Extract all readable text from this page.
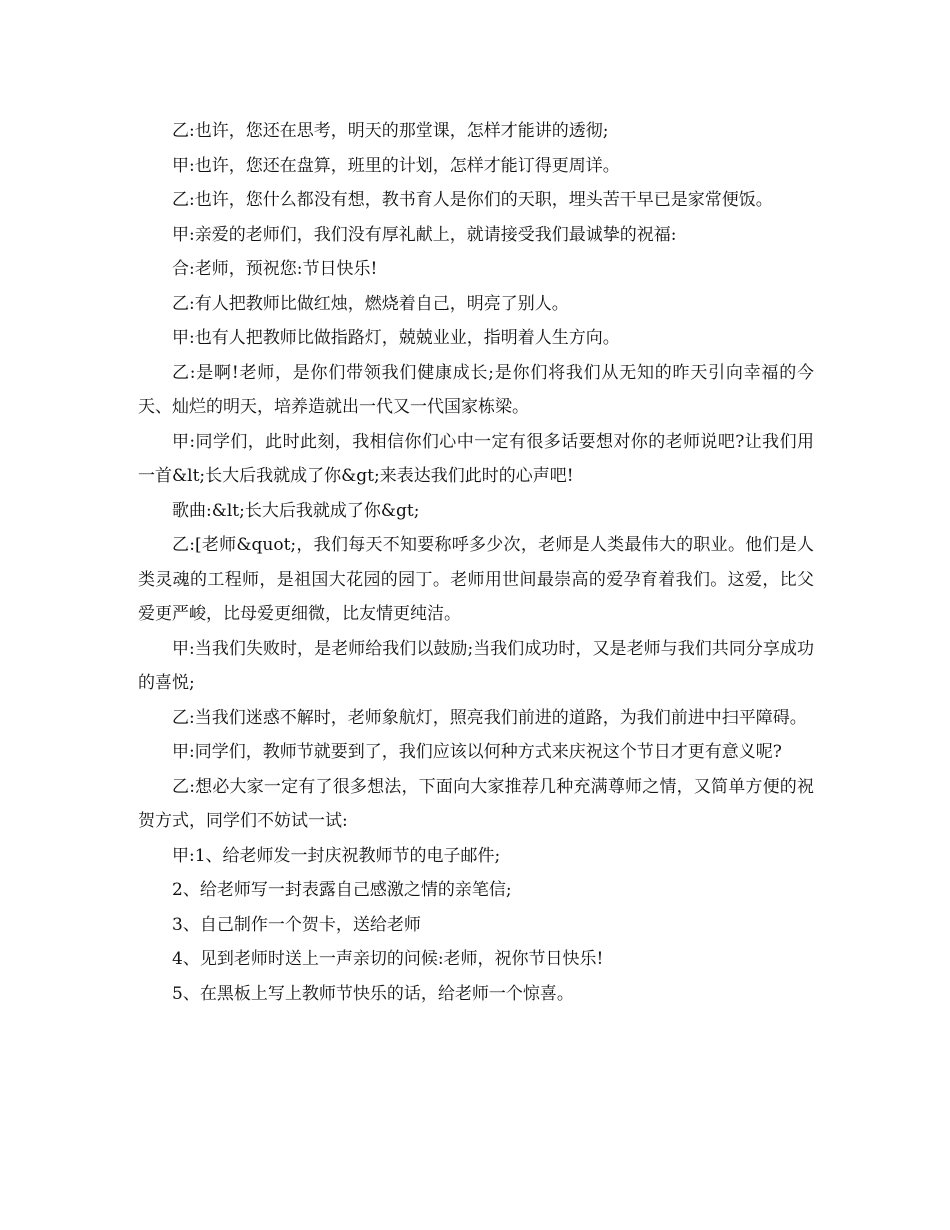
乙:也许，您还在思考，明天的那堂课，怎样才能讲的透彻;

甲:也许，您还在盘算，班里的计划，怎样才能订得更周详。

乙:也许，您什么都没有想，教书育人是你们的天职，埋头苦干早已是家常便饭。

甲:亲爱的老师们，我们没有厚礼献上，就请接受我们最诚挚的祝福:

合:老师，预祝您:节日快乐!

乙:有人把教师比做红烛，燃烧着自己，明亮了别人。

甲:也有人把教师比做指路灯，兢兢业业，指明着人生方向。

乙:是啊!老师，是你们带领我们健康成长;是你们将我们从无知的昨天引向幸福的今天、灿烂的明天，培养造就出一代又一代国家栋梁。

甲:同学们，此时此刻，我相信你们心中一定有很多话要想对你的老师说吧?让我们用一首&lt;长大后我就成了你&gt;来表达我们此时的心声吧!

歌曲:&lt;长大后我就成了你&gt;

乙:[老师&quot;，我们每天不知要称呼多少次，老师是人类最伟大的职业。他们是人类灵魂的工程师，是祖国大花园的园丁。老师用世间最崇高的爱孕育着我们。这爱，比父爱更严峻，比母爱更细微，比友情更纯洁。

甲:当我们失败时，是老师给我们以鼓励;当我们成功时，又是老师与我们共同分享成功的喜悦;

乙:当我们迷惑不解时，老师象航灯，照亮我们前进的道路，为我们前进中扫平障碍。

甲:同学们，教师节就要到了，我们应该以何种方式来庆祝这个节日才更有意义呢?

乙:想必大家一定有了很多想法，下面向大家推荐几种充满尊师之情，又简单方便的祝贺方式，同学们不妨试一试:

甲:1、给老师发一封庆祝教师节的电子邮件;

2、给老师写一封表露自己感激之情的亲笔信;

3、自己制作一个贺卡，送给老师

4、见到老师时送上一声亲切的问候:老师，祝你节日快乐!

5、在黑板上写上教师节快乐的话，给老师一个惊喜。
